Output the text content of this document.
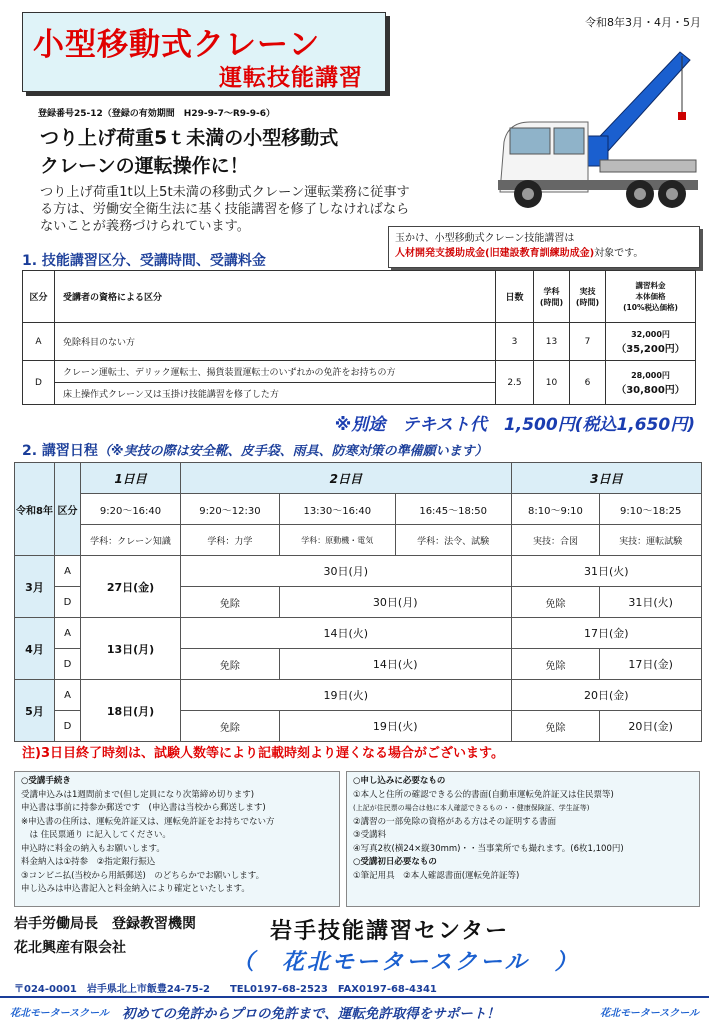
小型移動式クレーン
運転技能講習
令和8年3月・4月・5月
登録番号25-12（登録の有効期間　H29-9-7〜R9-9-6）
つり上げ荷重5ｔ未満の小型移動式
クレーンの運転操作に！
つり上げ荷重1t以上5t未満の移動式クレーン運転業務に従事する方は、労働安全衛生法に基く技能講習を修了しなければならないことが義務づけられています。
玉かけ、小型移動式クレーン技能講習は
人材開発支援助成金(旧建設教育訓練助成金)対象です。
1. 技能講習区分、受講時間、受講料金
区分	受講者の資格による区分	日数	学科
(時間)	実技
(時間)	講習料金
本体価格
(10%税込価格)
A	免除科目のない方	3	13	7	32,000円
（35,200円）

D	クレーン運転士、デリック運転士、揚貨装置運転士のいずれかの免許をお持ちの方	2.5	10	6	28,000円
（30,800円）

	床上操作式クレーン又は玉掛け技能講習を修了した方				
※別途　テキスト代　1,500円(税込1,650円)
2. 講習日程（※実技の際は安全靴、皮手袋、雨具、防寒対策の準備願います）
令和8年	区分	1日目	2日目			3日目	
		9:20〜16:40	9:20〜12:30	13:30〜16:40	16:45〜18:50	8:10〜9:10	9:10〜18:25
		学科：クレーン知識	学科：力学	学科：原動機・電気	学科：法令、試験	実技：合図	実技：運転試験
3月	A	27日(金)	30日(月)			31日(火)	
	D		免除	30日(月)		免除	31日(火)
4月	A	13日(月)	14日(火)			17日(金)	
	D		免除	14日(火)		免除	17日(金)
5月	A	18日(月)	19日(火)			20日(金)	
	D		免除	19日(火)		免除	20日(金)
注)3日目終了時刻は、試験人数等により記載時刻より遅くなる場合がございます。
○受講手続き
受講申込みは1週間前まで(但し定員になり次第締め切ります)
申込書は事前に持参か郵送です　(申込書は当校から郵送します)
※申込書の住所は、運転免許証又は、運転免許証をお持ちでない方
　は 住民票通り に記入してください。
申込時に料金の納入もお願いします。
料金納入は①持参　②指定銀行振込
③コンビニ払(当校から用紙郵送)　のどちらかでお願いします。
申し込みは申込書記入と料金納入により確定といたします。
○申し込みに必要なもの
①本人と住所の確認できる公的書面(自動車運転免許証又は住民票等)
(上記が住民票の場合は他に本人確認できるもの・・健康保険証、学生証等)
②講習の一部免除の資格がある方はその証明する書面
③受講料
④写真2枚(横24×縦30mm)・・当事業所でも撮れます。(6枚1,100円)
○受講初日必要なもの
①筆記用具　②本人確認書面(運転免許証等)
岩手労働局長　登録教習機関
花北興産有限会社
岩手技能講習センター
（　花北モータースクール　）
〒024-0001　岩手県北上市飯豊24-75-2　　TEL0197-68-2523　FAX0197-68-4341
花北モータースクール 初めての免許からプロの免許まで、運転免許取得をサポート！	花北モータースクール
